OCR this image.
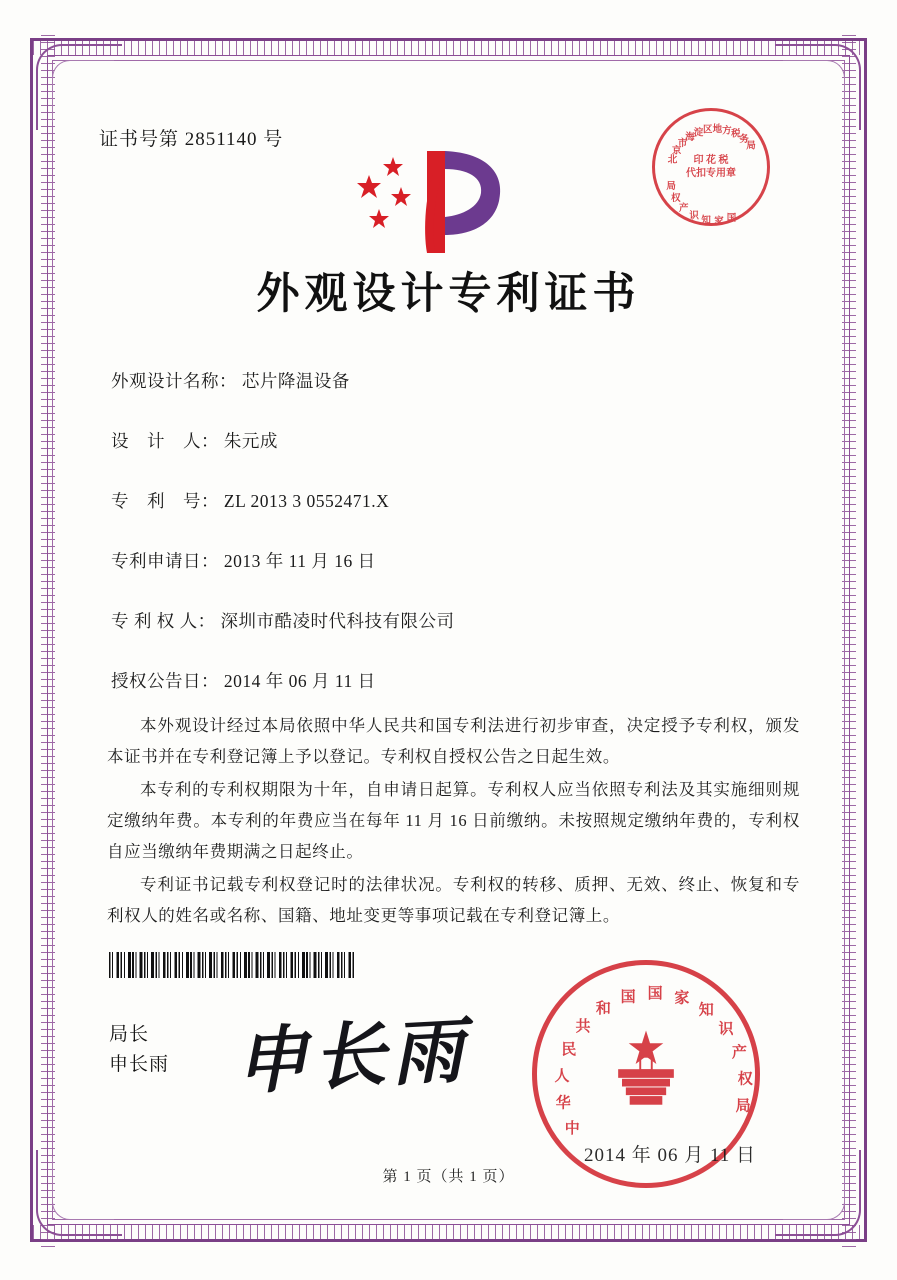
证书号第 2851140 号
北
京
市
海
淀 区 地 方 税
务
局
国
家
知
识
产
权
局
印 花 税
代扣专用章
外观设计专利证书
外观设计名称： 芯片降温设备
设　计　人： 朱元成
专　利　号： ZL 2013 3 0552471.X
专利申请日： 2013 年 11 月 16 日
专 利 权 人： 深圳市酷凌时代科技有限公司
授权公告日： 2014 年 06 月 11 日

本外观设计经过本局依照中华人民共和国专利法进行初步审查，决定授予专利权，颁发本证书并在专利登记簿上予以登记。专利权自授权公告之日起生效。

本专利的专利权期限为十年，自申请日起算。专利权人应当依照专利法及其实施细则规定缴纳年费。本专利的年费应当在每年 11 月 16 日前缴纳。未按照规定缴纳年费的，专利权自应当缴纳年费期满之日起终止。

专利证书记载专利权登记时的法律状况。专利权的转移、质押、无效、终止、恢复和专利权人的姓名或名称、国籍、地址变更等事项记载在专利登记簿上。

局长
申长雨 申长雨
中
华
人
民
共
和
国 国 家
知
识
产
权
局
2014 年 06 月 11 日
第 1 页（共 1 页）
